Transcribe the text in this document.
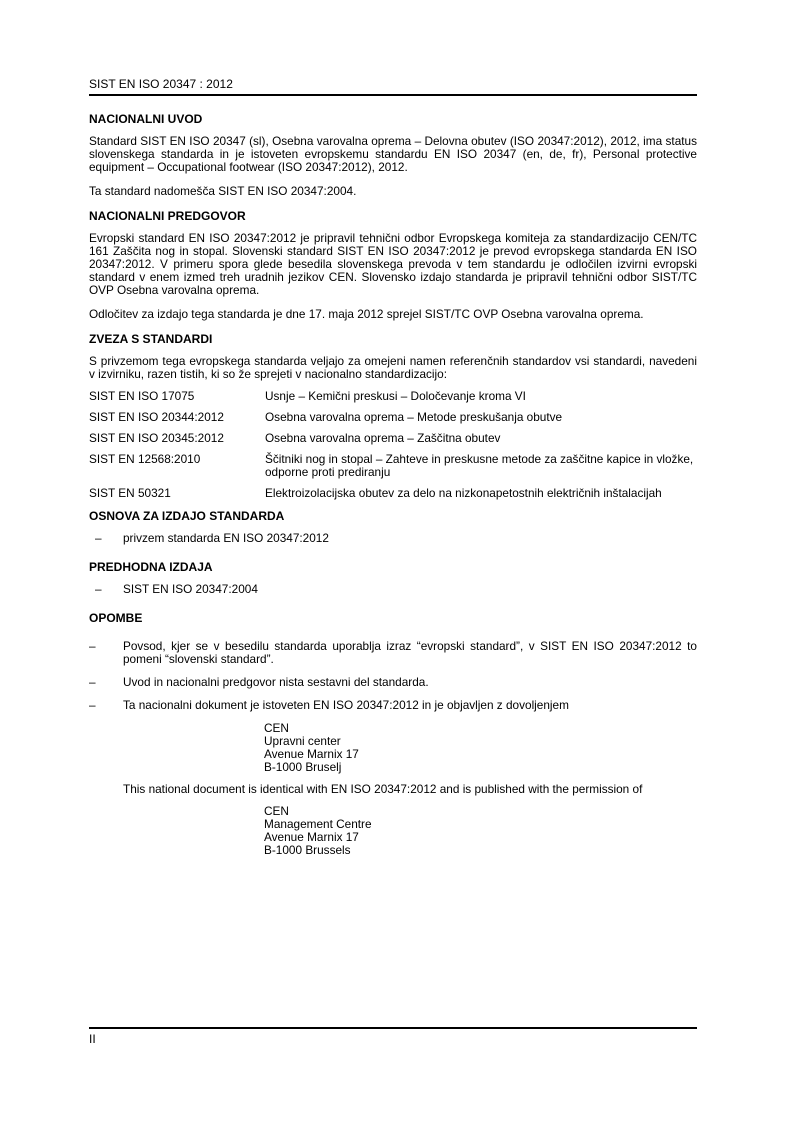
SIST EN ISO 20347 : 2012
NACIONALNI UVOD
Standard SIST EN ISO 20347 (sl), Osebna varovalna oprema – Delovna obutev (ISO 20347:2012), 2012, ima status slovenskega standarda in je istoveten evropskemu standardu EN ISO 20347 (en, de, fr), Personal protective equipment – Occupational footwear (ISO 20347:2012), 2012.
Ta standard nadomešča SIST EN ISO 20347:2004.
NACIONALNI PREDGOVOR
Evropski standard EN ISO 20347:2012 je pripravil tehnični odbor Evropskega komiteja za standardizacijo CEN/TC 161 Zaščita nog in stopal. Slovenski standard SIST EN ISO 20347:2012 je prevod evropskega standarda EN ISO 20347:2012. V primeru spora glede besedila slovenskega prevoda v tem standardu je odločilen izvirni evropski standard v enem izmed treh uradnih jezikov CEN. Slovensko izdajo standarda je pripravil tehnični odbor SIST/TC OVP Osebna varovalna oprema.
Odločitev za izdajo tega standarda je dne 17. maja 2012 sprejel SIST/TC OVP Osebna varovalna oprema.
ZVEZA S STANDARDI
S privzemom tega evropskega standarda veljajo za omejeni namen referenčnih standardov vsi standardi, navedeni v izvirniku, razen tistih, ki so že sprejeti v nacionalno standardizacijo:
SIST EN ISO 17075	Usnje – Kemični preskusi – Določevanje kroma VI
SIST EN ISO 20344:2012	Osebna varovalna oprema – Metode preskušanja obutve
SIST EN ISO 20345:2012	Osebna varovalna oprema – Zaščitna obutev
SIST EN 12568:2010	Ščitniki nog in stopal – Zahteve in preskusne metode za zaščitne kapice in vložke, odporne proti prediranju
SIST EN 50321	Elektroizolacijska obutev za delo na nizkonapetostnih električnih inštalacijah
OSNOVA ZA IZDAJO STANDARDA
–	privzem standarda EN ISO 20347:2012
PREDHODNA IZDAJA
–	SIST EN ISO 20347:2004
OPOMBE
–	Povsod, kjer se v besedilu standarda uporablja izraz “evropski standard”, v SIST EN ISO 20347:2012 to pomeni “slovenski standard”.
–	Uvod in nacionalni predgovor nista sestavni del standarda.
–	Ta nacionalni dokument je istoveten EN ISO 20347:2012 in je objavljen z dovoljenjem
CEN
Upravni center
Avenue Marnix 17
B-1000 Bruselj
This national document is identical with EN ISO 20347:2012 and is published with the permission of
CEN
Management Centre
Avenue Marnix 17
B-1000 Brussels
II
